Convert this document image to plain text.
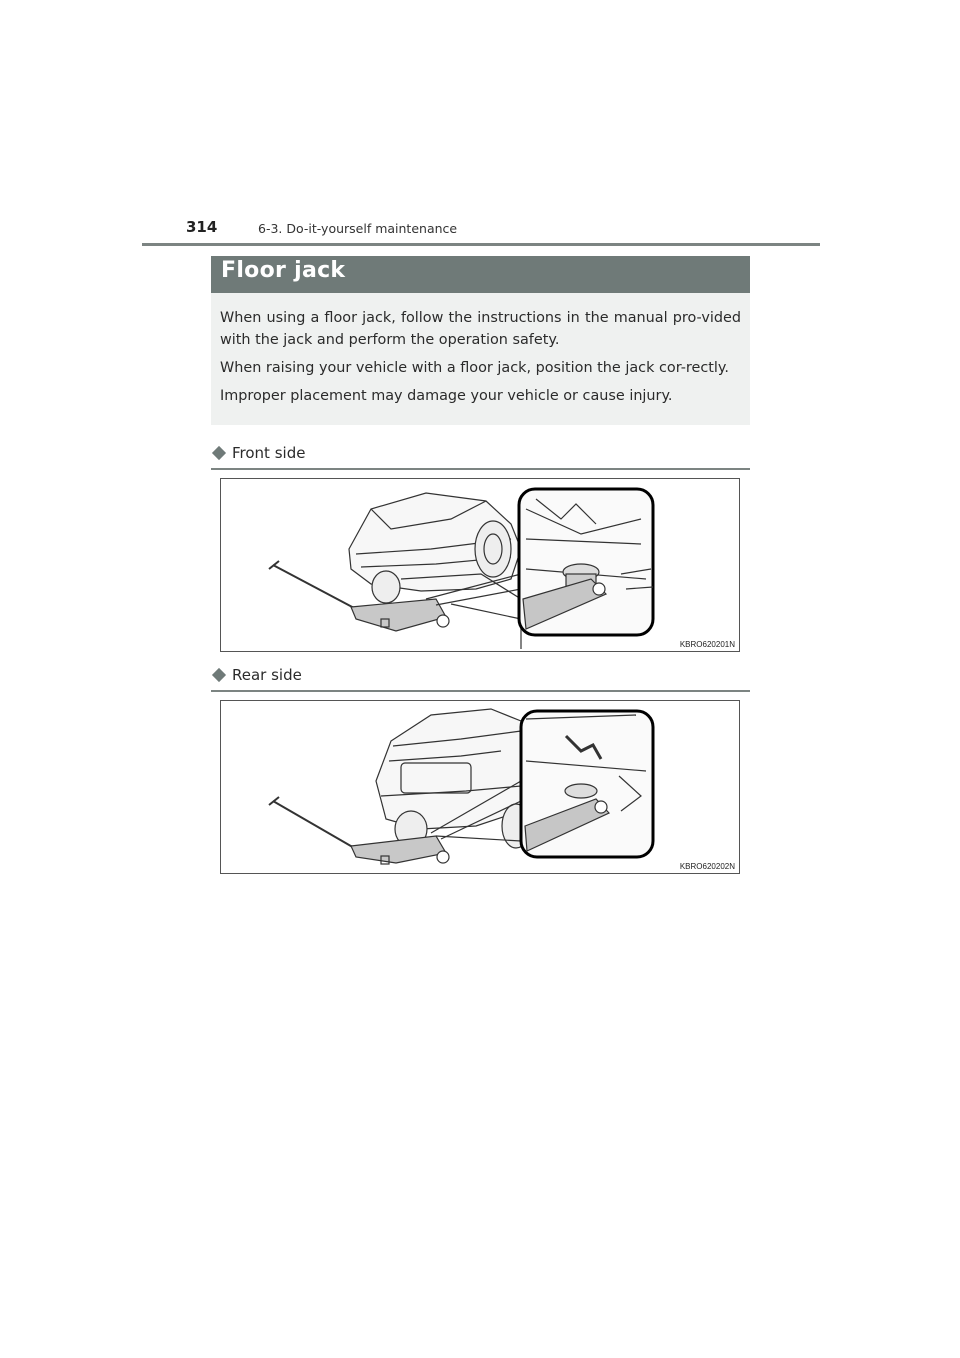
314	6-3. Do-it-yourself maintenance
Floor jack

When using a floor jack, follow the instructions in the manual pro-vided with the jack and perform the operation safety.

When raising your vehicle with a floor jack, position the jack cor-rectly.

Improper placement may damage your vehicle or cause injury.

Front side
KBRO620201N
Rear side
KBRO620202N
